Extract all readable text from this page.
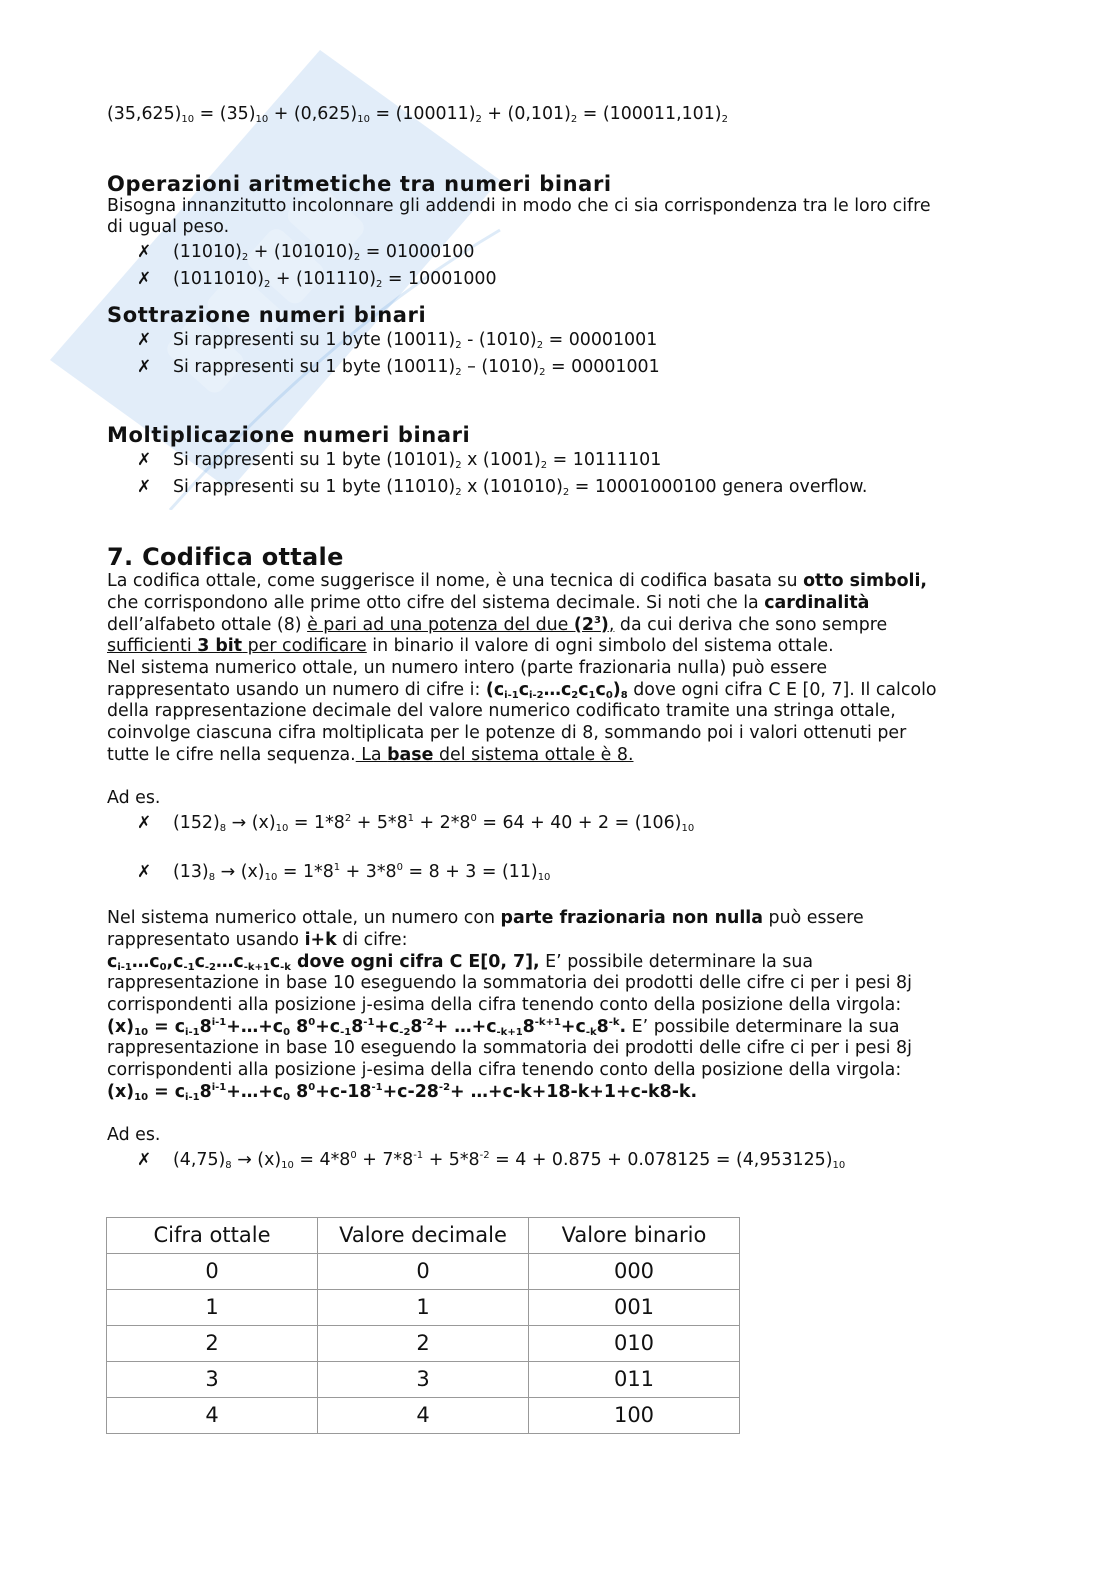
$(35,625)_{10} = (35)_{10} + (0,625)_{10} = (100011)_2 + (0,101)_2 = (100011,101)_2$
Operazioni aritmetiche tra numeri binari
Bisogna innanzitutto incolonnare gli addendi in modo che ci sia corrispondenza tra le loro cifre
di ugual peso.
✗ $(11010)_2 + (101010)_2 = 01000100$
✗ $(1011010)_2 + (101110)_2 = 10001000$
Sottrazione numeri binari
✗ Si rappresenti su 1 byte $(10011)_2 - (1010)_2 = 00001001$
✗ Si rappresenti su 1 byte $(10011)_2 - (1010)_2 = 00001001$
Moltiplicazione numeri binari
✗ Si rappresenti su 1 byte $(10101)_2$ x $(1001)_2 = 10111101$
✗ Si rappresenti su 1 byte $(11010)_2$ x $(101010)_2 = 10001000100$ genera overflow.
7. Codifica ottale
La codifica ottale, come suggerisce il nome, è una tecnica di codifica basata su otto simboli,
che corrispondono alle prime otto cifre del sistema decimale. Si noti che la cardinalità
dell’alfabeto ottale (8) è pari ad una potenza del due $(2^3)$, da cui deriva che sono sempre
sufficienti 3 bit per codificare in binario il valore di ogni simbolo del sistema ottale.
Nel sistema numerico ottale, un numero intero (parte frazionaria nulla) può essere
rappresentato usando un numero di cifre i: $(c_{i-1}c_{i-2}\dots c_2c_1c_0)_8$ dove ogni cifra C E [0, 7]. Il calcolo
della rappresentazione decimale del valore numerico codificato tramite una stringa ottale,
coinvolge ciascuna cifra moltiplicata per le potenze di 8, sommando poi i valori ottenuti per
tutte le cifre nella sequenza. La base del sistema ottale è 8.
Ad es.
✗ $(152)_8 \to (x)_{10} = 1*8^2 + 5*8^1 + 2*8^0 = 64 + 40 + 2 = (106)_{10}$
✗ $(13)_8 \to (x)_{10} = 1*8^1 + 3*8^0 = 8 + 3 = (11)_{10}$
Nel sistema numerico ottale, un numero con parte frazionaria non nulla può essere
rappresentato usando i+k di cifre:
$c_{i-1}\dots c_0,c_{-1}c_{-2}\dots c_{-k+1}c_{-k}$ dove ogni cifra C E[0, 7], E’ possibile determinare la sua
rappresentazione in base 10 eseguendo la sommatoria dei prodotti delle cifre ci per i pesi 8j
corrispondenti alla posizione j-esima della cifra tenendo conto della posizione della virgola:
$(x)_{10}$ = $c_{i-1}8^{i-1}+\dots+c_0$ $8^0+c_{-1}8^{-1}+c_{-2}8^{-2}+$ $\dots+c_{-k+1}8^{-k+1}+c_{-k}8^{-k}$. E’ possibile determinare la sua
rappresentazione in base 10 eseguendo la sommatoria dei prodotti delle cifre ci per i pesi 8j
corrispondenti alla posizione j-esima della cifra tenendo conto della posizione della virgola:
$(x)_{10}$ = $c_{i-1}8^{i-1}+\dots+c_0$ $8^0+c-18^{-1}+c-28^{-2}+$ …+c-k+18-k+1+c-k8-k.
Ad es.
✗ $(4,75)_8 \to (x)_{10} = 4*8^0 + 7*8^{-1} + 5*8^{-2} = 4 + 0.875 + 0.078125 = (4,953125)_{10}$
Cifra ottale	Valore decimale	Valore binario
0	0	000
1	1	001
2	2	010
3	3	011
4	4	100
